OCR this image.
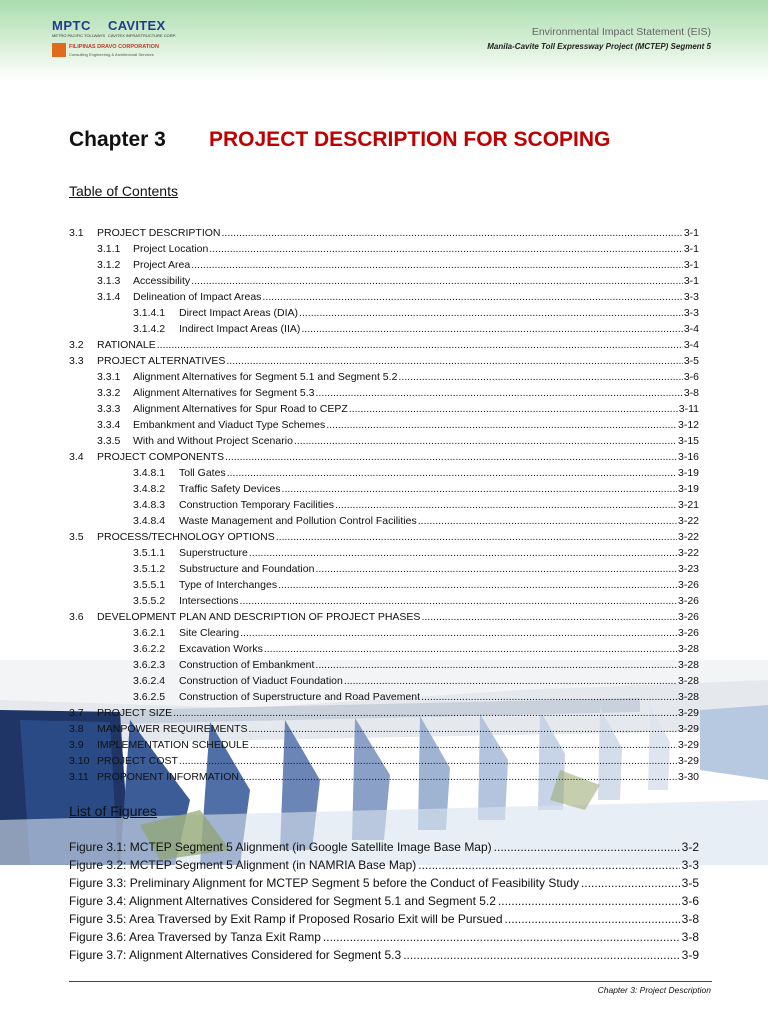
MPTC
METRO PACIFIC TOLLWAYS
CAVITEX
CAVITEX INFRASTRUCTURE CORP.
FILIPINAS DRAVO CORPORATION
Consulting Engineering & Architectural Services
Environmental Impact Statement (EIS)
Manila-Cavite Toll Expressway Project (MCTEP) Segment 5
Chapter 3 PROJECT DESCRIPTION FOR SCOPING
Table of Contents
3.1	PROJECT DESCRIPTION .....	3-1
3.1.1	Project Location .....	3-1
3.1.2	Project Area .....	3-1
3.1.3	Accessibility .....	3-1
3.1.4	Delineation of Impact Areas .....	3-3
3.1.4.1	Direct Impact Areas (DIA) .....	3-3
3.1.4.2	Indirect Impact Areas (IIA) .....	3-4
3.2	RATIONALE .....	3-4
3.3	PROJECT ALTERNATIVES .....	3-5
3.3.1	Alignment Alternatives for Segment 5.1 and Segment 5.2 .....	3-6
3.3.2	Alignment Alternatives for Segment 5.3 .....	3-8
3.3.3	Alignment Alternatives for Spur Road to CEPZ .....	3-11
3.3.4	Embankment and Viaduct Type Schemes .....	3-12
3.3.5	With and Without Project Scenario .....	3-15
3.4	PROJECT COMPONENTS .....	3-16
3.4.8.1	Toll Gates .....	3-19
3.4.8.2	Traffic Safety Devices .....	3-19
3.4.8.3	Construction Temporary Facilities .....	3-21
3.4.8.4	Waste Management and Pollution Control Facilities .....	3-22
3.5	PROCESS/TECHNOLOGY OPTIONS .....	3-22
3.5.1.1	Superstructure .....	3-22
3.5.1.2	Substructure and Foundation .....	3-23
3.5.5.1	Type of Interchanges .....	3-26
3.5.5.2	Intersections .....	3-26
3.6	DEVELOPMENT PLAN AND DESCRIPTION OF PROJECT PHASES .....	3-26
3.6.2.1	Site Clearing .....	3-26
3.6.2.2	Excavation Works .....	3-28
3.6.2.3	Construction of Embankment .....	3-28
3.6.2.4	Construction of Viaduct Foundation .....	3-28
3.6.2.5	Construction of Superstructure and Road Pavement .....	3-28
3.7	PROJECT SIZE .....	3-29
3.8	MANPOWER REQUIREMENTS .....	3-29
3.9	IMPLEMENTATION SCHEDULE .....	3-29
3.10 PROJECT COST .....	3-29
3.11 PROPONENT INFORMATION .....	3-30
List of Figures
Figure 3.1: MCTEP Segment 5 Alignment (in Google Satellite Image Base Map) .....	3-2
Figure 3.2: MCTEP Segment 5 Alignment (in NAMRIA Base Map) .....	3-3
Figure 3.3: Preliminary Alignment for MCTEP Segment 5 before the Conduct of Feasibility Study .....	3-5
Figure 3.4: Alignment Alternatives Considered for Segment 5.1 and Segment 5.2 .....	3-6
Figure 3.5: Area Traversed by Exit Ramp if Proposed Rosario Exit will be Pursued .....	3-8
Figure 3.6: Area Traversed by Tanza Exit Ramp .....	3-8
Figure 3.7: Alignment Alternatives Considered for Segment 5.3 .....	3-9
Chapter 3: Project Description
